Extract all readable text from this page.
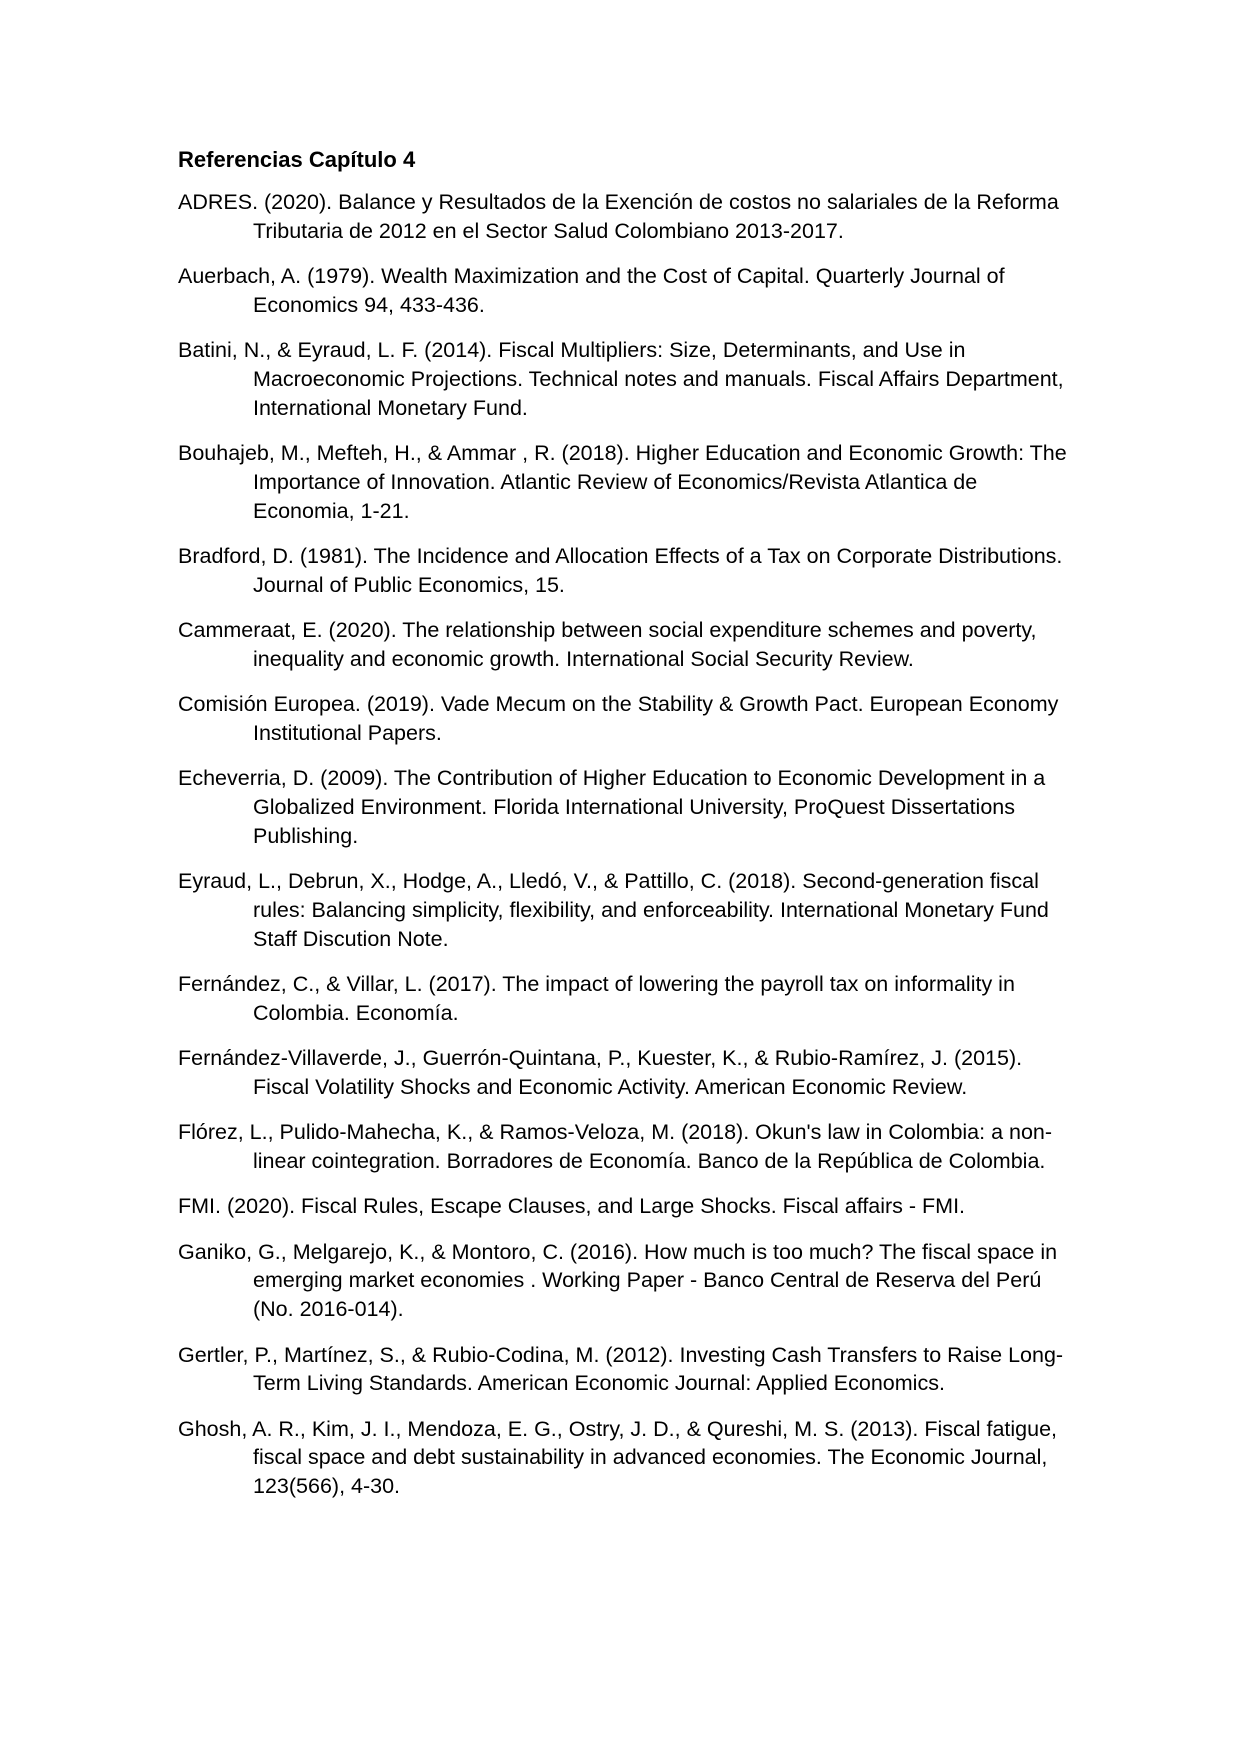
Referencias Capítulo 4
ADRES. (2020). Balance y Resultados de la Exención de costos no salariales de la Reforma Tributaria de 2012 en el Sector Salud Colombiano 2013-2017.
Auerbach, A. (1979). Wealth Maximization and the Cost of Capital. Quarterly Journal of Economics 94, 433-436.
Batini, N., & Eyraud, L. F. (2014). Fiscal Multipliers: Size, Determinants, and Use in Macroeconomic Projections. Technical notes and manuals. Fiscal Affairs Department, International Monetary Fund.
Bouhajeb, M., Mefteh, H., & Ammar , R. (2018). Higher Education and Economic Growth: The Importance of Innovation. Atlantic Review of Economics/Revista Atlantica de Economia, 1-21.
Bradford, D. (1981). The Incidence and Allocation Effects of a Tax on Corporate Distributions. Journal of Public Economics, 15.
Cammeraat, E. (2020). The relationship between social expenditure schemes and poverty, inequality and economic growth. International Social Security Review.
Comisión Europea. (2019). Vade Mecum on the Stability & Growth Pact. European Economy Institutional Papers.
Echeverria, D. (2009). The Contribution of Higher Education to Economic Development in a Globalized Environment. Florida International University, ProQuest Dissertations Publishing.
Eyraud, L., Debrun, X., Hodge, A., Lledó, V., & Pattillo, C. (2018). Second-generation fiscal rules: Balancing simplicity, flexibility, and enforceability. International Monetary Fund Staff Discution Note.
Fernández, C., & Villar, L. (2017). The impact of lowering the payroll tax on informality in Colombia. Economía.
Fernández-Villaverde, J., Guerrón-Quintana, P., Kuester, K., & Rubio-Ramírez, J. (2015). Fiscal Volatility Shocks and Economic Activity. American Economic Review.
Flórez, L., Pulido-Mahecha, K., & Ramos-Veloza, M. (2018). Okun's law in Colombia: a non-linear cointegration. Borradores de Economía. Banco de la República de Colombia.
FMI. (2020). Fiscal Rules, Escape Clauses, and Large Shocks. Fiscal affairs - FMI.
Ganiko, G., Melgarejo, K., & Montoro, C. (2016). How much is too much? The fiscal space in emerging market economies . Working Paper - Banco Central de Reserva del Perú (No. 2016-014).
Gertler, P., Martínez, S., & Rubio-Codina, M. (2012). Investing Cash Transfers to Raise Long-Term Living Standards. American Economic Journal: Applied Economics.
Ghosh, A. R., Kim, J. I., Mendoza, E. G., Ostry, J. D., & Qureshi, M. S. (2013). Fiscal fatigue, fiscal space and debt sustainability in advanced economies. The Economic Journal, 123(566), 4-30.
